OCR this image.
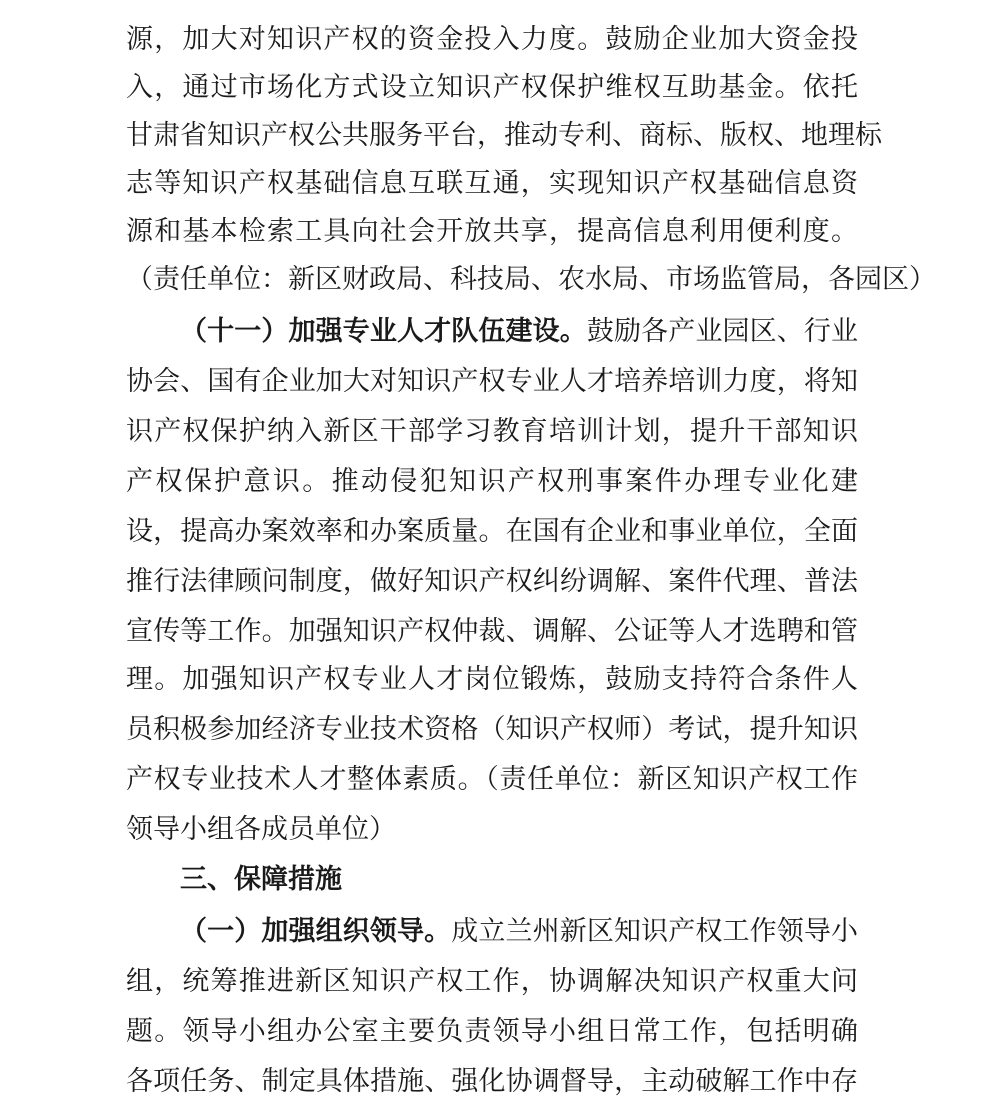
源，加大对知识产权的资金投入力度。鼓励企业加大资金投

入，通过市场化方式设立知识产权保护维权互助基金。依托

甘肃省知识产权公共服务平台，推动专利、商标、版权、地理标

志等知识产权基础信息互联互通，实现知识产权基础信息资

源和基本检索工具向社会开放共享，提高信息利用便利度。

（责任单位：新区财政局、科技局、农水局、市场监管局，各园区）

（十一）加强专业人才队伍建设。鼓励各产业园区、行业

协会、国有企业加大对知识产权专业人才培养培训力度，将知

识产权保护纳入新区干部学习教育培训计划，提升干部知识

产权保护意识。推动侵犯知识产权刑事案件办理专业化建

设，提高办案效率和办案质量。在国有企业和事业单位，全面

推行法律顾问制度，做好知识产权纠纷调解、案件代理、普法

宣传等工作。加强知识产权仲裁、调解、公证等人才选聘和管

理。加强知识产权专业人才岗位锻炼，鼓励支持符合条件人

员积极参加经济专业技术资格（知识产权师）考试，提升知识

产权专业技术人才整体素质。（责任单位：新区知识产权工作

领导小组各成员单位）

三、保障措施

（一）加强组织领导。成立兰州新区知识产权工作领导小

组，统筹推进新区知识产权工作，协调解决知识产权重大问

题。领导小组办公室主要负责领导小组日常工作，包括明确

各项任务、制定具体措施、强化协调督导，主动破解工作中存
